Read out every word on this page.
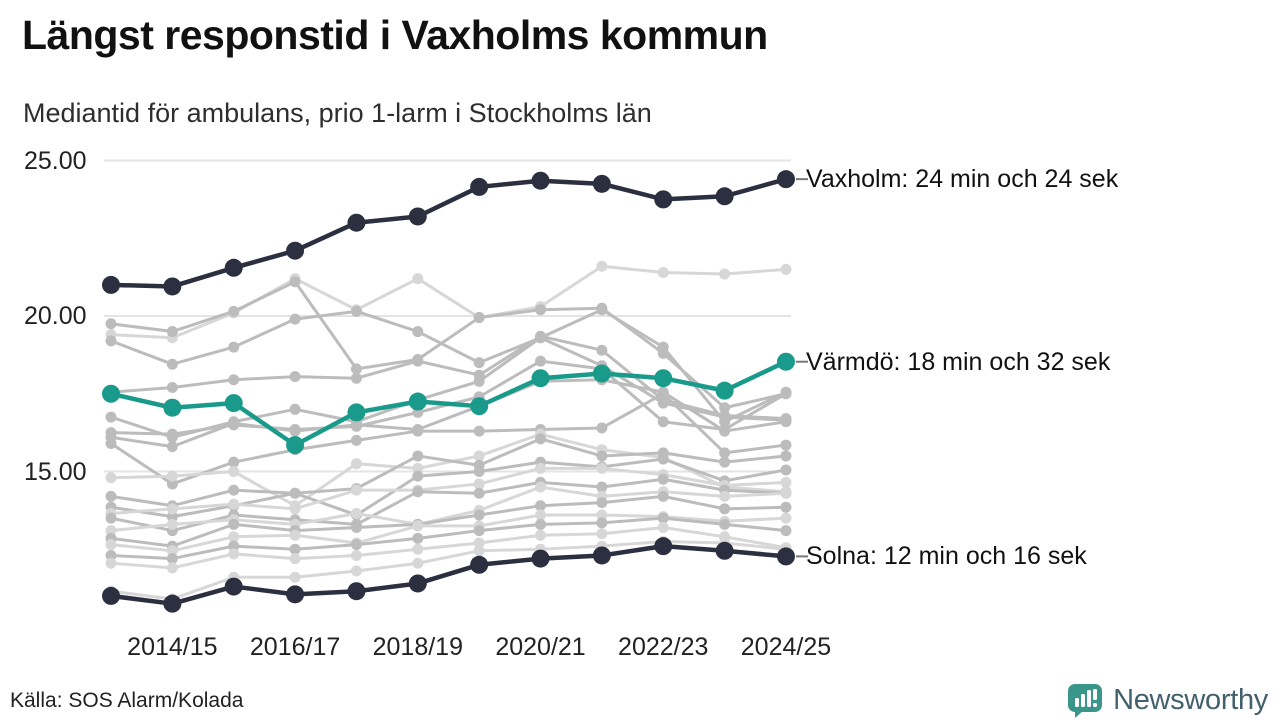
Längst responstid i Vaxholms kommun
Mediantid för ambulans, prio 1-larm i Stockholms län
25.00
20.00
15.00
2014/15	2016/17	2018/19	2020/21	2022/23	2024/25
Vaxholm: 24 min och 24 sek
Värmdö: 18 min och 32 sek
Solna: 12 min och 16 sek
Källa: SOS Alarm/Kolada	Newsworthy
